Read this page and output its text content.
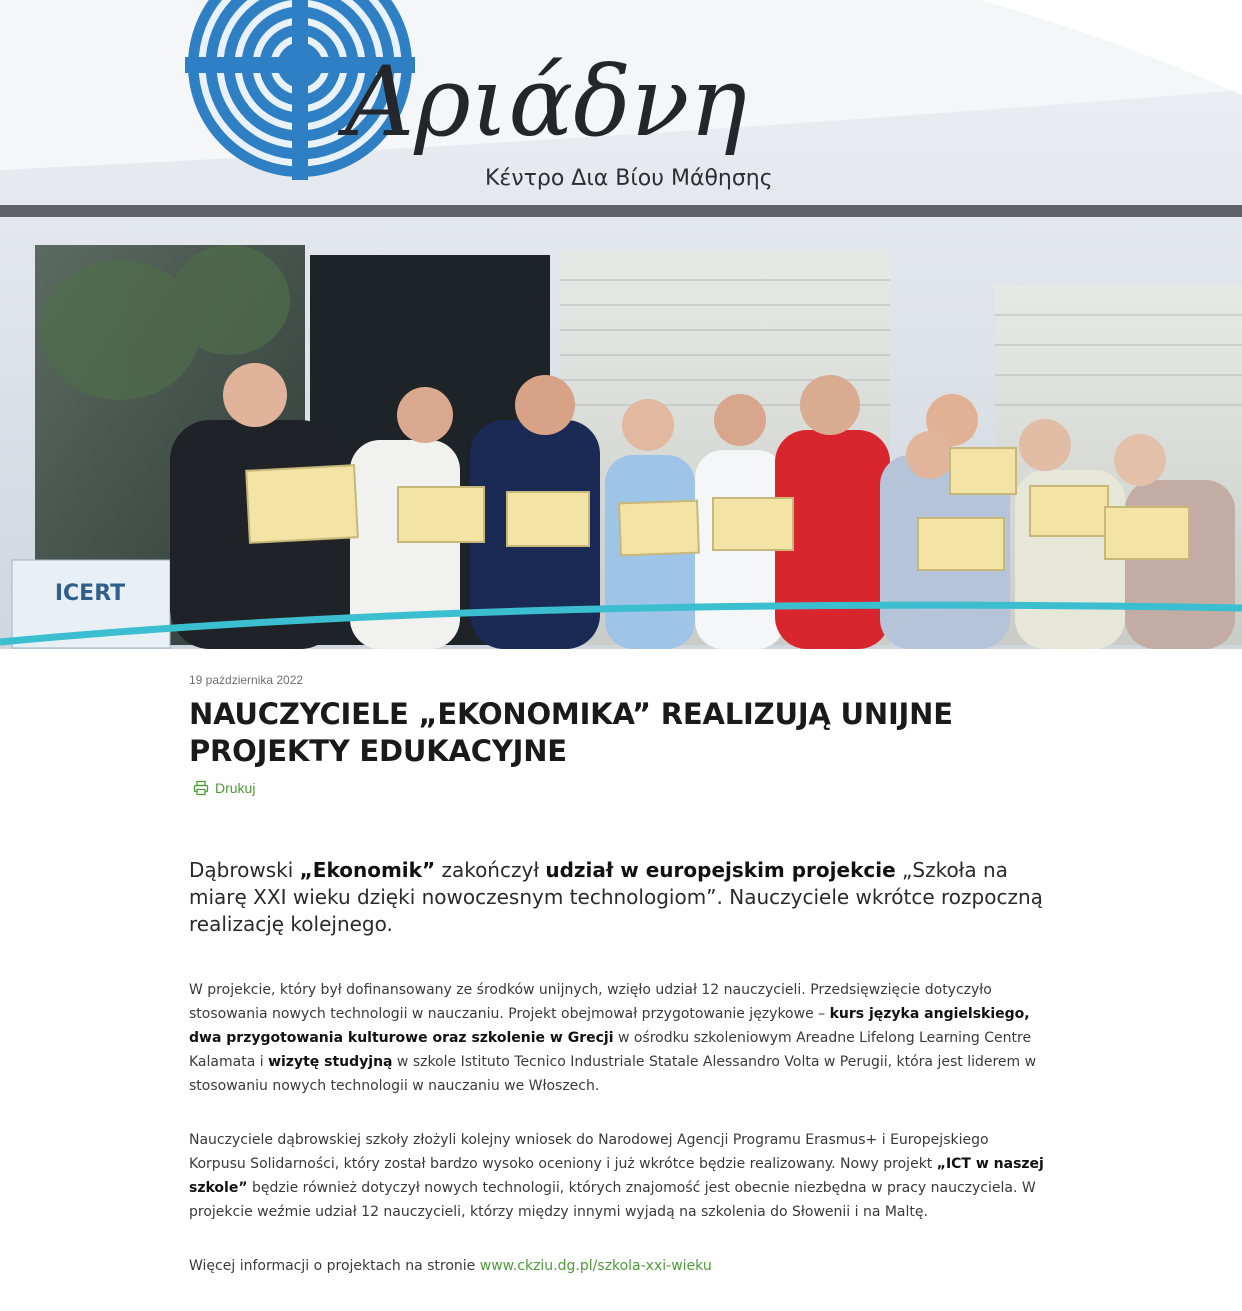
ICERT
Αριάδνη
Κέντρο Δια Βίου Μάθησης

19 października 2022

NAUCZYCIELE „EKONOMIKA” REALIZUJĄ UNIJNE PROJEKTY EDUKACYJNE
Drukuj

Dąbrowski „Ekonomik” zakończył udział w europejskim projekcie „Szkoła na miarę XXI wieku dzięki nowoczesnym technologiom”. Nauczyciele wkrótce rozpoczną realizację kolejnego.

W projekcie, który był dofinansowany ze środków unijnych, wzięło udział 12 nauczycieli. Przedsięwzięcie dotyczyło stosowania nowych technologii w nauczaniu. Projekt obejmował przygotowanie językowe – kurs języka angielskiego, dwa przygotowania kulturowe oraz szkolenie w Grecji w ośrodku szkoleniowym Areadne Lifelong Learning Centre Kalamata i wizytę studyjną w szkole Istituto Tecnico Industriale Statale Alessandro Volta w Perugii, która jest liderem w stosowaniu nowych technologii w nauczaniu we Włoszech.

Nauczyciele dąbrowskiej szkoły złożyli kolejny wniosek do Narodowej Agencji Programu Erasmus+ i Europejskiego Korpusu Solidarności, który został bardzo wysoko oceniony i już wkrótce będzie realizowany. Nowy projekt „ICT w naszej szkole” będzie również dotyczył nowych technologii, których znajomość jest obecnie niezbędna w pracy nauczyciela. W projekcie weźmie udział 12 nauczycieli, którzy między innymi wyjadą na szkolenia do Słowenii i na Maltę.

Więcej informacji o projektach na stronie www.ckziu.dg.pl/szkola-xxi-wieku
